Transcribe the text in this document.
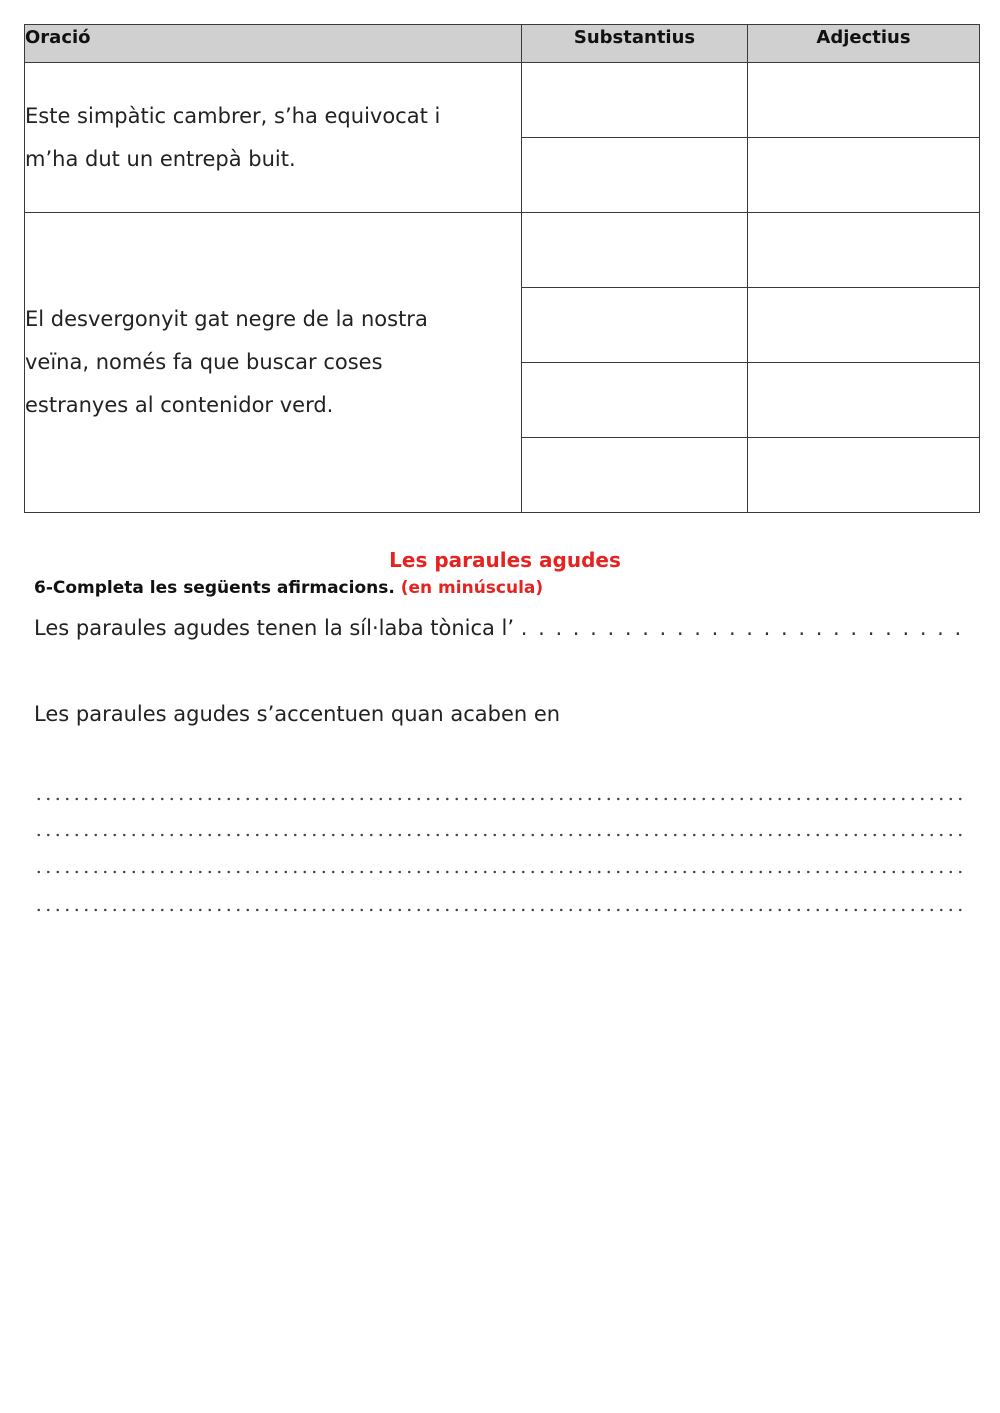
Oració	Substantius	Adjectius

Este simpàtic cambrer, s’ha equivocat i
m’ha dut un entrepà buit.		

El desvergonyit gat negre de la nostra
veïna, només fa que buscar coses
estranyes al contenidor verd.		

Les paraules agudes
6-Completa les següents afirmacions. (en minúscula)
Les paraules agudes tenen la síl·laba tònica l’ . . . . . . . . . . . . . . . . . . . . . . . . . .
Les paraules agudes s’accentuen quan acaben en
